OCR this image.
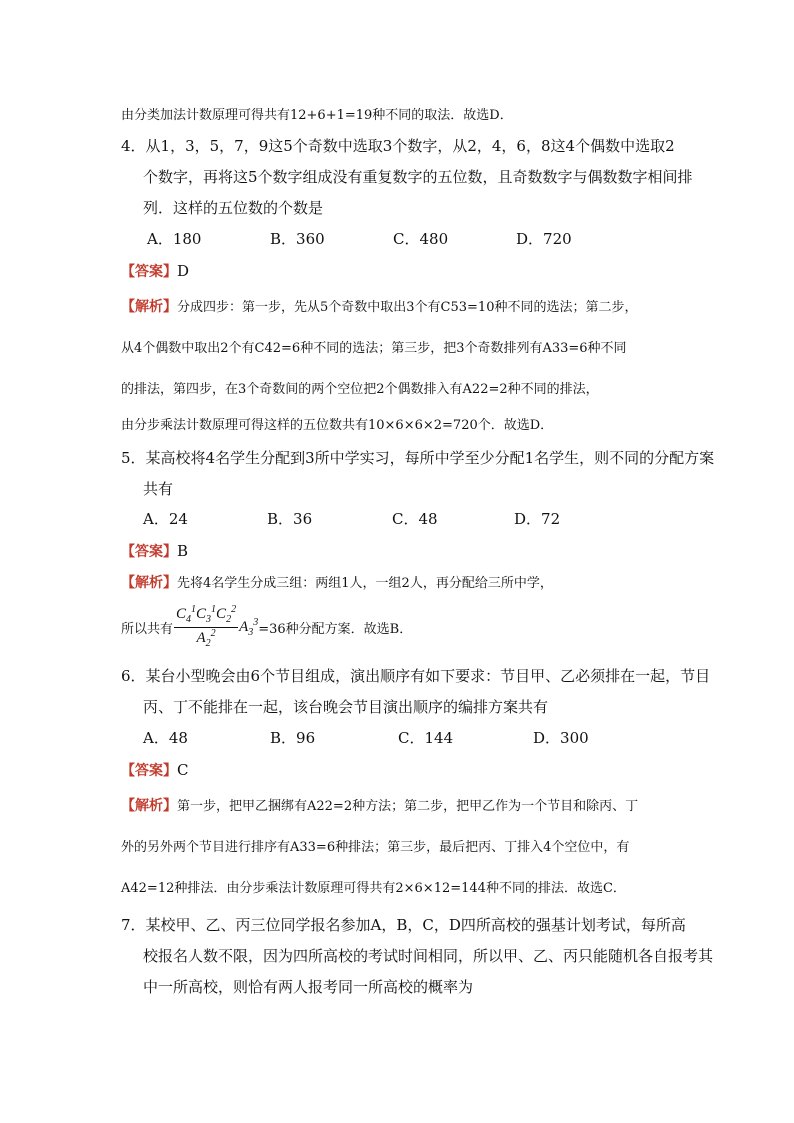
由分类加法计数原理可得共有12+6+1=19种不同的取法．故选D．
4．从1，3，5，7，9这5个奇数中选取3个数字，从2，4，6，8这4个偶数中选取2
个数字，再将这5个数字组成没有重复数字的五位数，且奇数数字与偶数数字相间排
列．这样的五位数的个数是
A．180	B．360	C．480	D．720
【答案】D
【解析】分成四步：第一步，先从5个奇数中取出3个有C53=10种不同的选法；第二步，
从4个偶数中取出2个有C42=6种不同的选法；第三步，把3个奇数排列有A33=6种不同
的排法，第四步，在3个奇数间的两个空位把2个偶数排入有A22=2种不同的排法，
由分步乘法计数原理可得这样的五位数共有10×6×6×2=720个．故选D．
5．某高校将4名学生分配到3所中学实习，每所中学至少分配1名学生，则不同的分配方案
共有
A．24	B．36	C．48	D．72
【答案】B
【解析】先将4名学生分成三组：两组1人，一组2人，再分配给三所中学，
所以共有 $\frac{C_4^1C_3^1C_2^2}{A_2^2} A_3^3 =36$种分配方案．故选B．
6．某台小型晚会由6个节目组成，演出顺序有如下要求：节目甲、乙必须排在一起，节目
丙、丁不能排在一起，该台晚会节目演出顺序的编排方案共有
A．48	B．96	C．144	D．300
【答案】C
【解析】第一步，把甲乙捆绑有A22=2种方法；第二步，把甲乙作为一个节目和除丙、丁
外的另外两个节目进行排序有A33=6种排法；第三步，最后把丙、丁排入4个空位中，有
A42=12种排法．由分步乘法计数原理可得共有2×6×12=144种不同的排法．故选C．
7．某校甲、乙、丙三位同学报名参加A，B，C，D四所高校的强基计划考试，每所高
校报名人数不限，因为四所高校的考试时间相同，所以甲、乙、丙只能随机各自报考其
中一所高校，则恰有两人报考同一所高校的概率为
